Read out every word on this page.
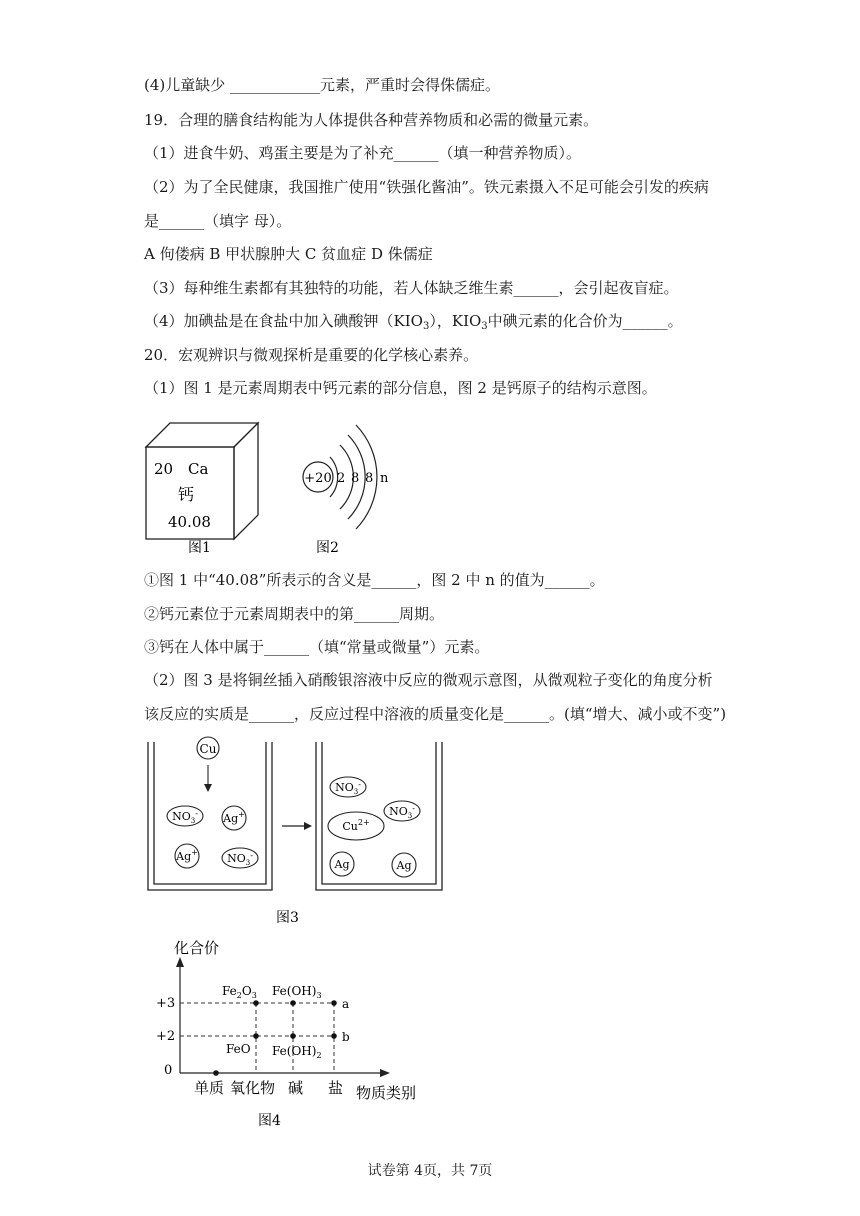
(4)儿童缺少 ____________元素，严重时会得侏儒症。
19．合理的膳食结构能为人体提供各种营养物质和必需的微量元素。
（1）进食牛奶、鸡蛋主要是为了补充______（填一种营养物质）。
（2）为了全民健康，我国推广使用“铁强化酱油”。铁元素摄入不足可能会引发的疾病
是______（填字 母）。
A 佝偻病 B 甲状腺肿大 C 贫血症 D 侏儒症
（3）每种维生素都有其独特的功能，若人体缺乏维生素______，会引起夜盲症。
（4）加碘盐是在食盐中加入碘酸钾$(KIO_3)$，$KIO_3$中碘元素的化合价为______。
20．宏观辨识与微观探析是重要的化学核心素养。
（1）图 1 是元素周期表中钙元素的部分信息，图 2 是钙原子的结构示意图。
20 Ca
钙
40.08
图1
+20 2 8 8 n
图2
①图 1 中“40.08”所表示的含义是______，图 2 中 n 的值为______。
②钙元素位于元素周期表中的第______周期。
③钙在人体中属于______（填“常量或微量”）元素。
（2）图 3 是将铜丝插入硝酸银溶液中反应的微观示意图，从微观粒子变化的角度分析
该反应的实质是______，反应过程中溶液的质量变化是______。(填“增大、减小或不变”)
Cu
$NO_3^-$ Ag+
Ag+	$NO_3^-$
$NO_3^-$
$NO_3^-$
$Cu^{2+}$
Ag	Ag
图3
化合价
+3
+2
0
$Fe_2O_3$ $Fe(OH)_3$
a
FeO $Fe(OH)_2$
b
单质 氧化物 碱 盐 物质类别
图4
试卷第 4页，共 7页
